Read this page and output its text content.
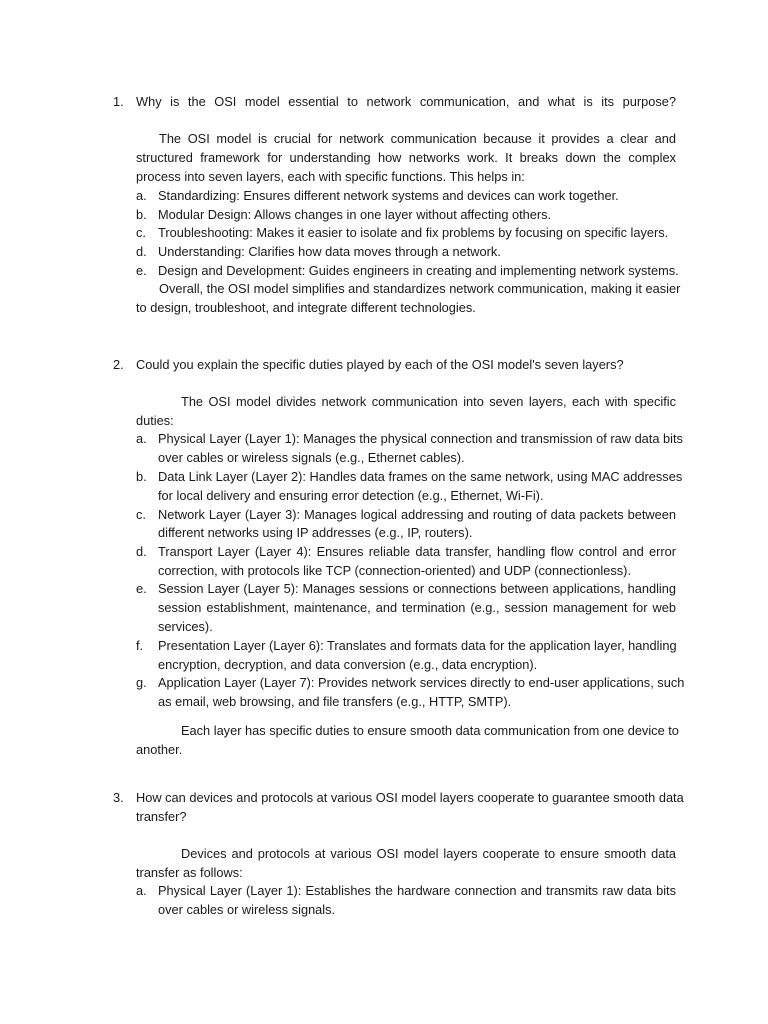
1. Why is the OSI model essential to network communication, and what is its purpose?
The OSI model is crucial for network communication because it provides a clear and
structured framework for understanding how networks work. It breaks down the complex
process into seven layers, each with specific functions. This helps in:
a. Standardizing: Ensures different network systems and devices can work together.
b. Modular Design: Allows changes in one layer without affecting others.
c. Troubleshooting: Makes it easier to isolate and fix problems by focusing on specific layers.
d. Understanding: Clarifies how data moves through a network.
e. Design and Development: Guides engineers in creating and implementing network systems.
Overall, the OSI model simplifies and standardizes network communication, making it easier
to design, troubleshoot, and integrate different technologies.
2. Could you explain the specific duties played by each of the OSI model's seven layers?
The OSI model divides network communication into seven layers, each with specific
duties:
a. Physical Layer (Layer 1): Manages the physical connection and transmission of raw data bits
over cables or wireless signals (e.g., Ethernet cables).
b. Data Link Layer (Layer 2): Handles data frames on the same network, using MAC addresses
for local delivery and ensuring error detection (e.g., Ethernet, Wi-Fi).
c. Network Layer (Layer 3): Manages logical addressing and routing of data packets between
different networks using IP addresses (e.g., IP, routers).
d. Transport Layer (Layer 4): Ensures reliable data transfer, handling flow control and error
correction, with protocols like TCP (connection-oriented) and UDP (connectionless).
e. Session Layer (Layer 5): Manages sessions or connections between applications, handling
session establishment, maintenance, and termination (e.g., session management for web
services).
f. Presentation Layer (Layer 6): Translates and formats data for the application layer, handling
encryption, decryption, and data conversion (e.g., data encryption).
g. Application Layer (Layer 7): Provides network services directly to end-user applications, such
as email, web browsing, and file transfers (e.g., HTTP, SMTP).
Each layer has specific duties to ensure smooth data communication from one device to
another.
3. How can devices and protocols at various OSI model layers cooperate to guarantee smooth data
transfer?
Devices and protocols at various OSI model layers cooperate to ensure smooth data
transfer as follows:
a. Physical Layer (Layer 1): Establishes the hardware connection and transmits raw data bits
over cables or wireless signals.
